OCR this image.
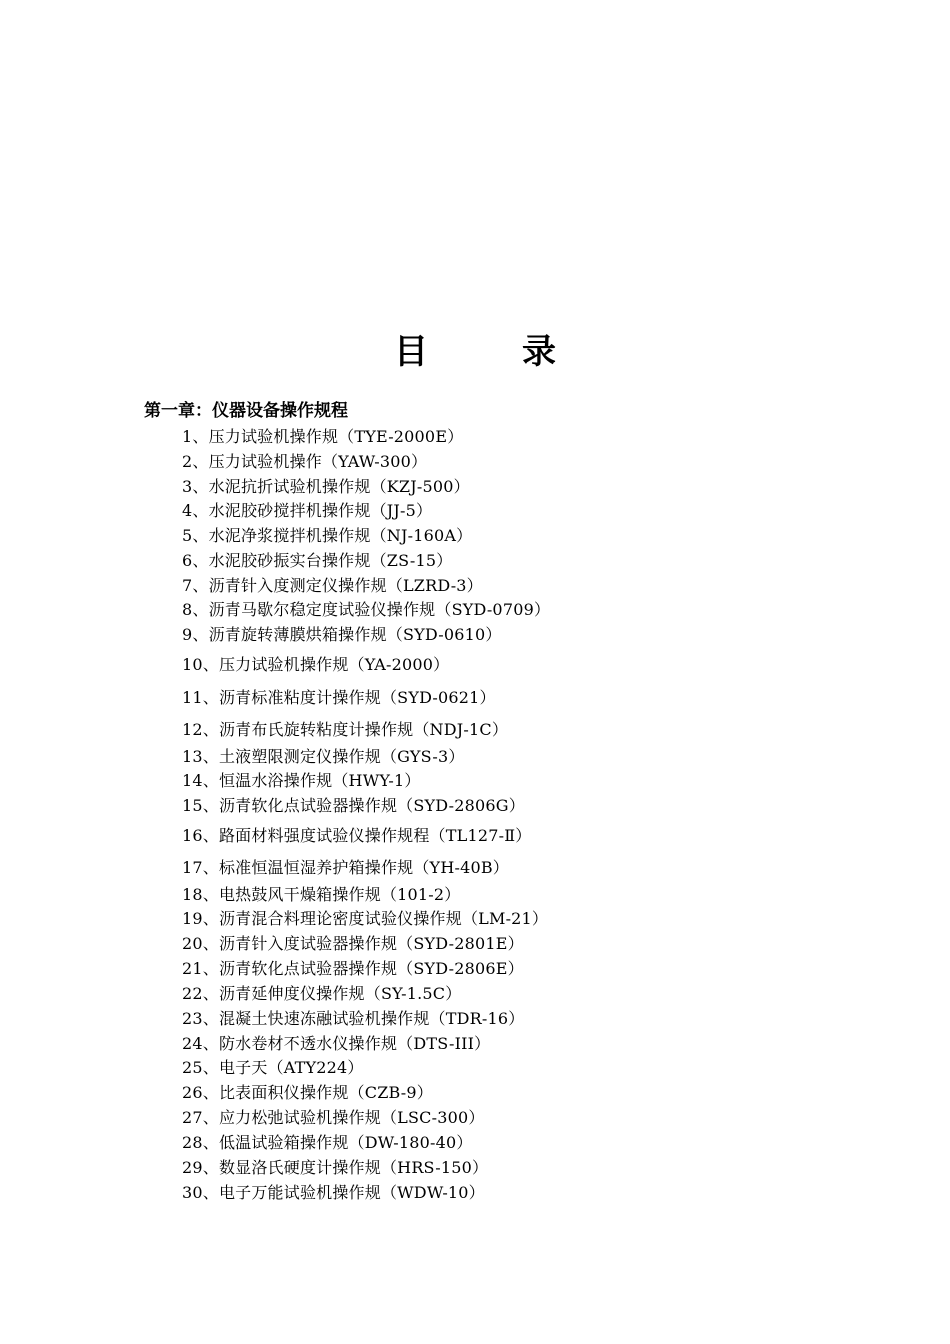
目　录
第一章：仪器设备操作规程
1、压力试验机操作规（TYE-2000E）
2、压力试验机操作（YAW-300）
3、水泥抗折试验机操作规（KZJ-500）
4、水泥胶砂搅拌机操作规（JJ-5）
5、水泥净浆搅拌机操作规（NJ-160A）
6、水泥胶砂振实台操作规（ZS-15）
7、沥青针入度测定仪操作规（LZRD-3）
8、沥青马歇尔稳定度试验仪操作规（SYD-0709）
9、沥青旋转薄膜烘箱操作规（SYD-0610）
10、压力试验机操作规（YA-2000）
11、沥青标准粘度计操作规（SYD-0621）
12、沥青布氏旋转粘度计操作规（NDJ-1C）
13、土液塑限测定仪操作规（GYS-3）
14、恒温水浴操作规（HWY-1）
15、沥青软化点试验器操作规（SYD-2806G）
16、路面材料强度试验仪操作规程（TL127-Ⅱ）
17、标准恒温恒湿养护箱操作规（YH-40B）
18、电热鼓风干燥箱操作规（101-2）
19、沥青混合料理论密度试验仪操作规（LM-21）
20、沥青针入度试验器操作规（SYD-2801E）
21、沥青软化点试验器操作规（SYD-2806E）
22、沥青延伸度仪操作规（SY-1.5C）
23、混凝土快速冻融试验机操作规（TDR-16）
24、防水卷材不透水仪操作规（DTS-III）
25、电子天（ATY224）
26、比表面积仪操作规（CZB-9）
27、应力松弛试验机操作规（LSC-300）
28、低温试验箱操作规（DW-180-40）
29、数显洛氏硬度计操作规（HRS-150）
30、电子万能试验机操作规（WDW-10）
